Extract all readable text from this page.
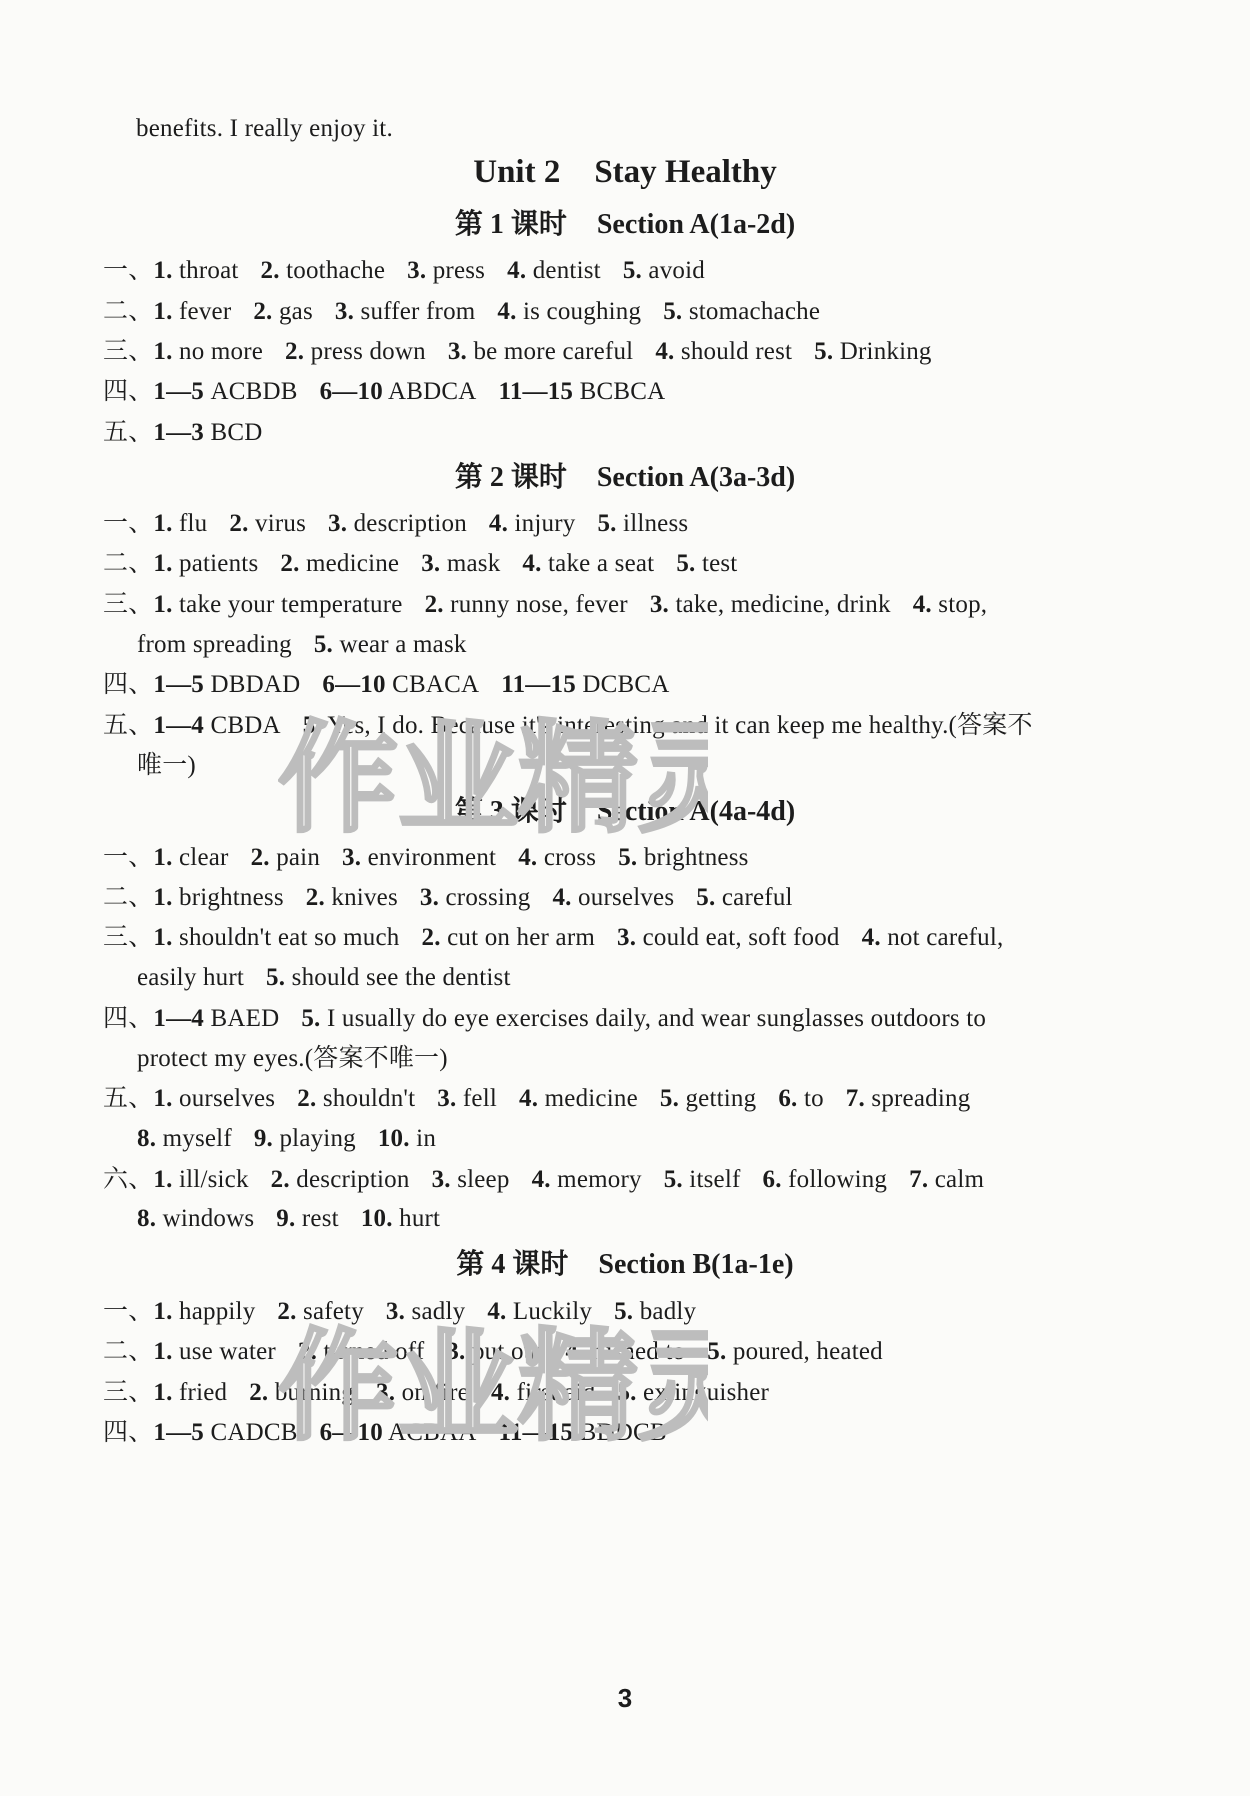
benefits. I really enjoy it.
Unit 2 Stay Healthy
第 1 课时 Section A(1a-2d)
一、1. throat 2. toothache 3. press 4. dentist 5. avoid
二、1. fever 2. gas 3. suffer from 4. is coughing 5. stomachache
三、1. no more 2. press down 3. be more careful 4. should rest 5. Drinking
四、1—5 ACBDB 6—10 ABDCA 11—15 BCBCA
五、1—3 BCD
第 2 课时 Section A(3a-3d)
一、1. flu 2. virus 3. description 4. injury 5. illness
二、1. patients 2. medicine 3. mask 4. take a seat 5. test
三、1. take your temperature 2. runny nose, fever 3. take, medicine, drink 4. stop,
from spreading 5. wear a mask
四、1—5 DBDAD 6—10 CBACA 11—15 DCBCA
五、1—4 CBDA 5. Yes, I do. Because it's interesting and it can keep me healthy.(答案不
唯一)
第 3 课时 Section A(4a-4d)
一、1. clear 2. pain 3. environment 4. cross 5. brightness
二、1. brightness 2. knives 3. crossing 4. ourselves 5. careful
三、1. shouldn't eat so much 2. cut on her arm 3. could eat, soft food 4. not careful,
easily hurt 5. should see the dentist
四、1—4 BAED 5. I usually do eye exercises daily, and wear sunglasses outdoors to
protect my eyes.(答案不唯一)
五、1. ourselves 2. shouldn't 3. fell 4. medicine 5. getting 6. to 7. spreading
8. myself 9. playing 10. in
六、1. ill/sick 2. description 3. sleep 4. memory 5. itself 6. following 7. calm
8. windows 9. rest 10. hurt
第 4 课时 Section B(1a-1e)
一、1. happily 2. safety 3. sadly 4. Luckily 5. badly
二、1. use water 2. turned off 3. put out 4. rushed to 5. poured, heated
三、1. fried 2. burning 3. on fire 4. first aid 5. extinguisher
四、1—5 CADCB 6—10 ACBAA 11—15 BDDCB
3
作业精灵
作业精灵
